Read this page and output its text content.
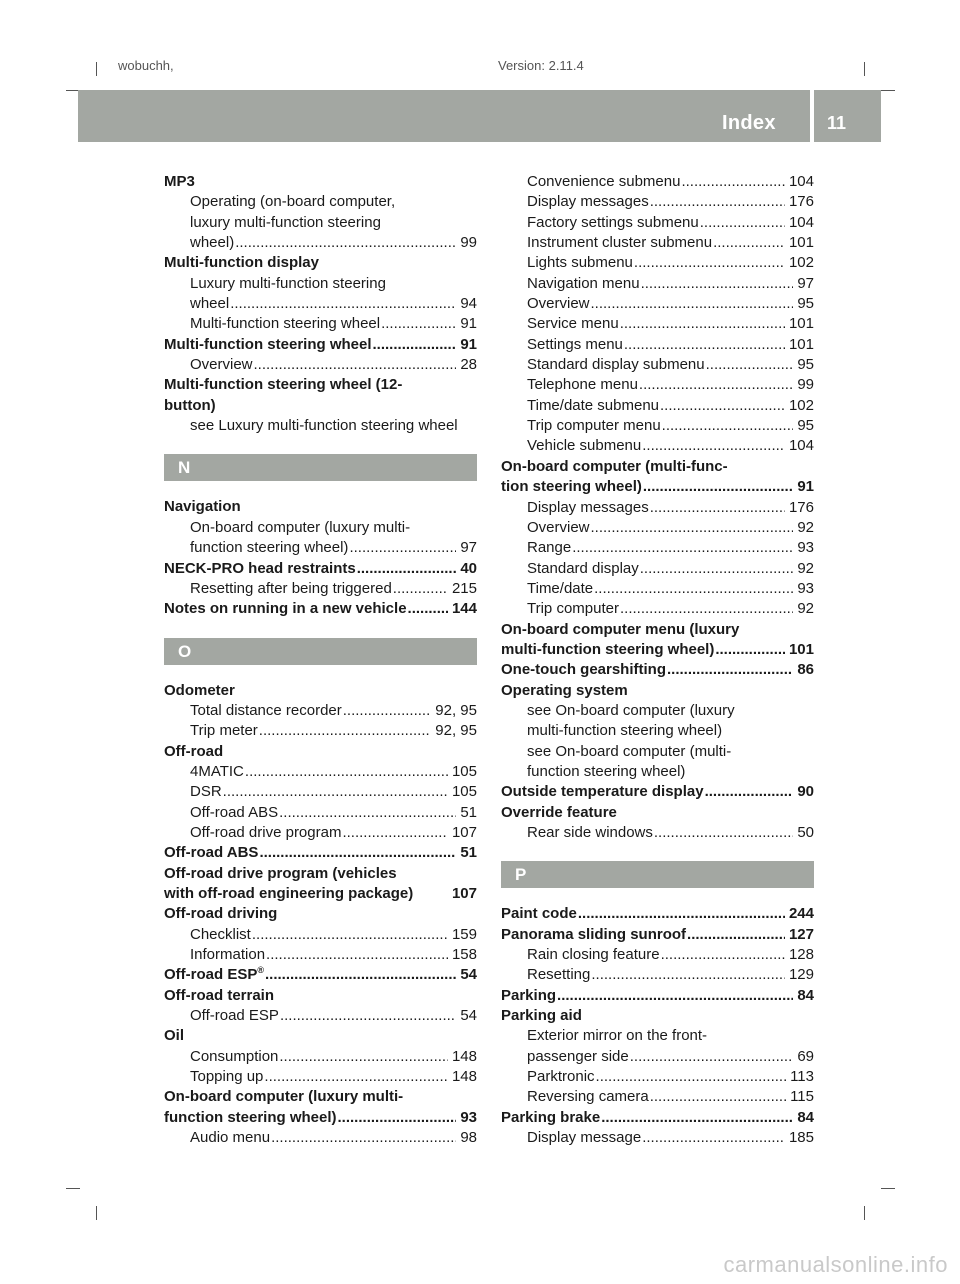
wobuchh,	Version: 2.11.4
Index	11
MP3
Operating (on-board computer,
luxury multi-function steering
wheel) .....	99
Multi-function display
Luxury multi-function steering
wheel .....	94
Multi-function steering wheel .....	91
Multi-function steering wheel .....	91
Overview .....	28
Multi-function steering wheel (12-
button)
see Luxury multi-function steering wheel
N
Navigation
On-board computer (luxury multi-
function steering wheel) .....	97
NECK-PRO head restraints .....	40
Resetting after being triggered .....	215
Notes on running in a new vehicle .....	144
O
Odometer
Total distance recorder .....	92, 95
Trip meter .....	92, 95
Off-road
4MATIC .....	105
DSR .....	105
Off-road ABS .....	51
Off-road drive program .....	107
Off-road ABS .....	51
Off-road drive program (vehicles
with off-road engineering package)	107
Off-road driving
Checklist .....	159
Information .....	158
Off-road ESP® .....	54
Off-road terrain
Off-road ESP .....	54
Oil
Consumption .....	148
Topping up .....	148
On-board computer (luxury multi-
function steering wheel) .....	93
Audio menu .....	98
Convenience submenu .....	104
Display messages .....	176
Factory settings submenu .....	104
Instrument cluster submenu .....	101
Lights submenu .....	102
Navigation menu .....	97
Overview .....	95
Service menu .....	101
Settings menu .....	101
Standard display submenu .....	95
Telephone menu .....	99
Time/date submenu .....	102
Trip computer menu .....	95
Vehicle submenu .....	104
On-board computer (multi-func-
tion steering wheel) .....	91
Display messages .....	176
Overview .....	92
Range .....	93
Standard display .....	92
Time/date .....	93
Trip computer .....	92
On-board computer menu (luxury
multi-function steering wheel) .....	101
One-touch gearshifting .....	86
Operating system
see On-board computer (luxury
multi-function steering wheel)
see On-board computer (multi-
function steering wheel)
Outside temperature display .....	90
Override feature
Rear side windows .....	50
P
Paint code .....	244
Panorama sliding sunroof .....	127
Rain closing feature .....	128
Resetting .....	129
Parking .....	84
Parking aid
Exterior mirror on the front-
passenger side .....	69
Parktronic .....	113
Reversing camera .....	115
Parking brake .....	84
Display message .....	185
carmanualsonline.info
